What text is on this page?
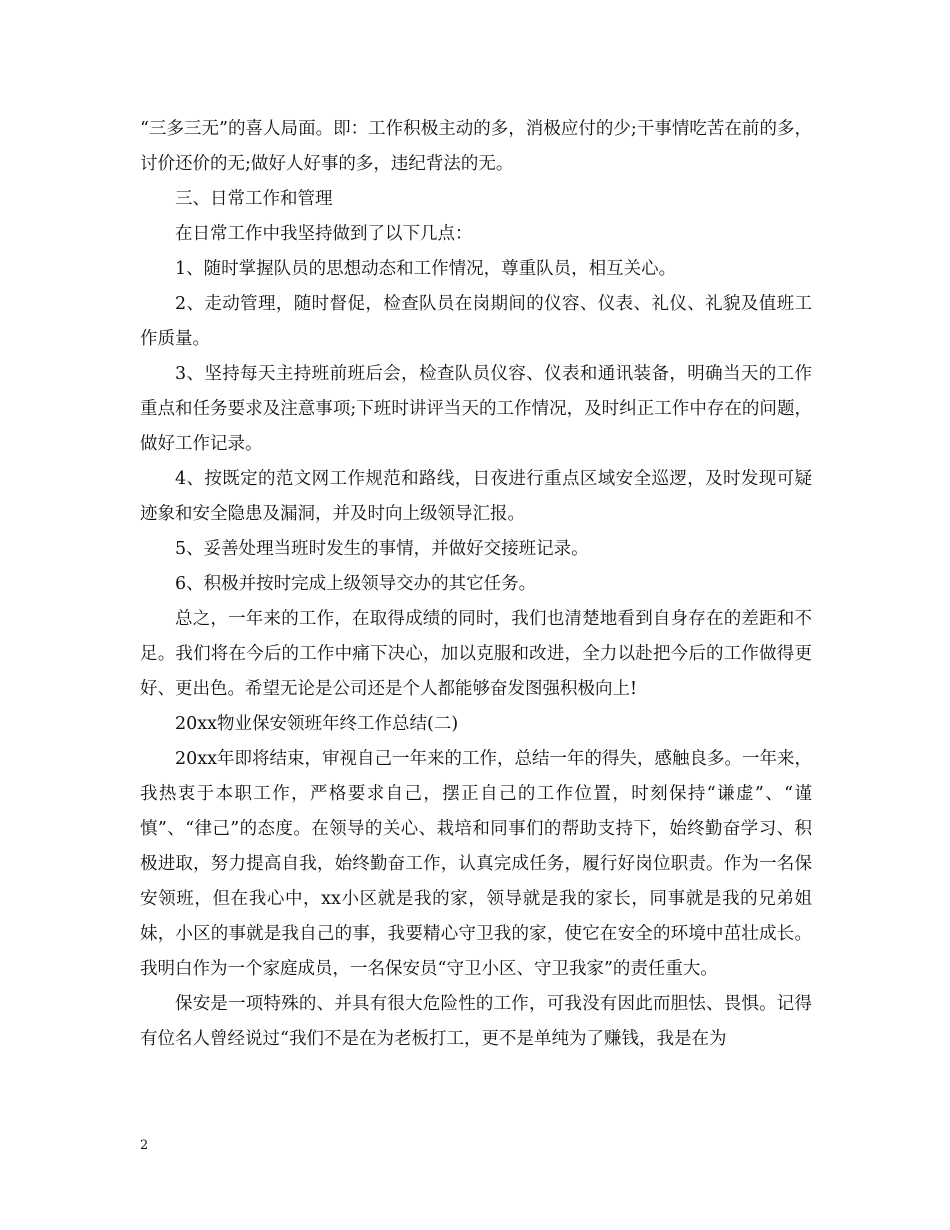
“三多三无”的喜人局面。即：工作积极主动的多，消极应付的少;干事情吃苦在前的多，讨价还价的无;做好人好事的多，违纪背法的无。

三、日常工作和管理

在日常工作中我坚持做到了以下几点：

1、随时掌握队员的思想动态和工作情况，尊重队员，相互关心。

2、走动管理，随时督促，检查队员在岗期间的仪容、仪表、礼仪、礼貌及值班工作质量。

3、坚持每天主持班前班后会，检查队员仪容、仪表和通讯装备，明确当天的工作重点和任务要求及注意事项;下班时讲评当天的工作情况，及时纠正工作中存在的问题，做好工作记录。

4、按既定的范文网工作规范和路线，日夜进行重点区域安全巡逻，及时发现可疑迹象和安全隐患及漏洞，并及时向上级领导汇报。

5、妥善处理当班时发生的事情，并做好交接班记录。

6、积极并按时完成上级领导交办的其它任务。

总之，一年来的工作，在取得成绩的同时，我们也清楚地看到自身存在的差距和不足。我们将在今后的工作中痛下决心，加以克服和改进，全力以赴把今后的工作做得更好、更出色。希望无论是公司还是个人都能够奋发图强积极向上!

20xx物业保安领班年终工作总结(二)

20xx年即将结束，审视自己一年来的工作，总结一年的得失，感触良多。一年来，我热衷于本职工作，严格要求自己，摆正自己的工作位置，时刻保持“谦虚”、“谨慎”、“律己”的态度。在领导的关心、栽培和同事们的帮助支持下，始终勤奋学习、积极进取，努力提高自我，始终勤奋工作，认真完成任务，履行好岗位职责。作为一名保安领班，但在我心中，xx小区就是我的家，领导就是我的家长，同事就是我的兄弟姐妹，小区的事就是我自己的事，我要精心守卫我的家，使它在安全的环境中茁壮成长。我明白作为一个家庭成员，一名保安员“守卫小区、守卫我家”的责任重大。

保安是一项特殊的、并具有很大危险性的工作，可我没有因此而胆怯、畏惧。记得有位名人曾经说过“我们不是在为老板打工，更不是单纯为了赚钱，我是在为

2
